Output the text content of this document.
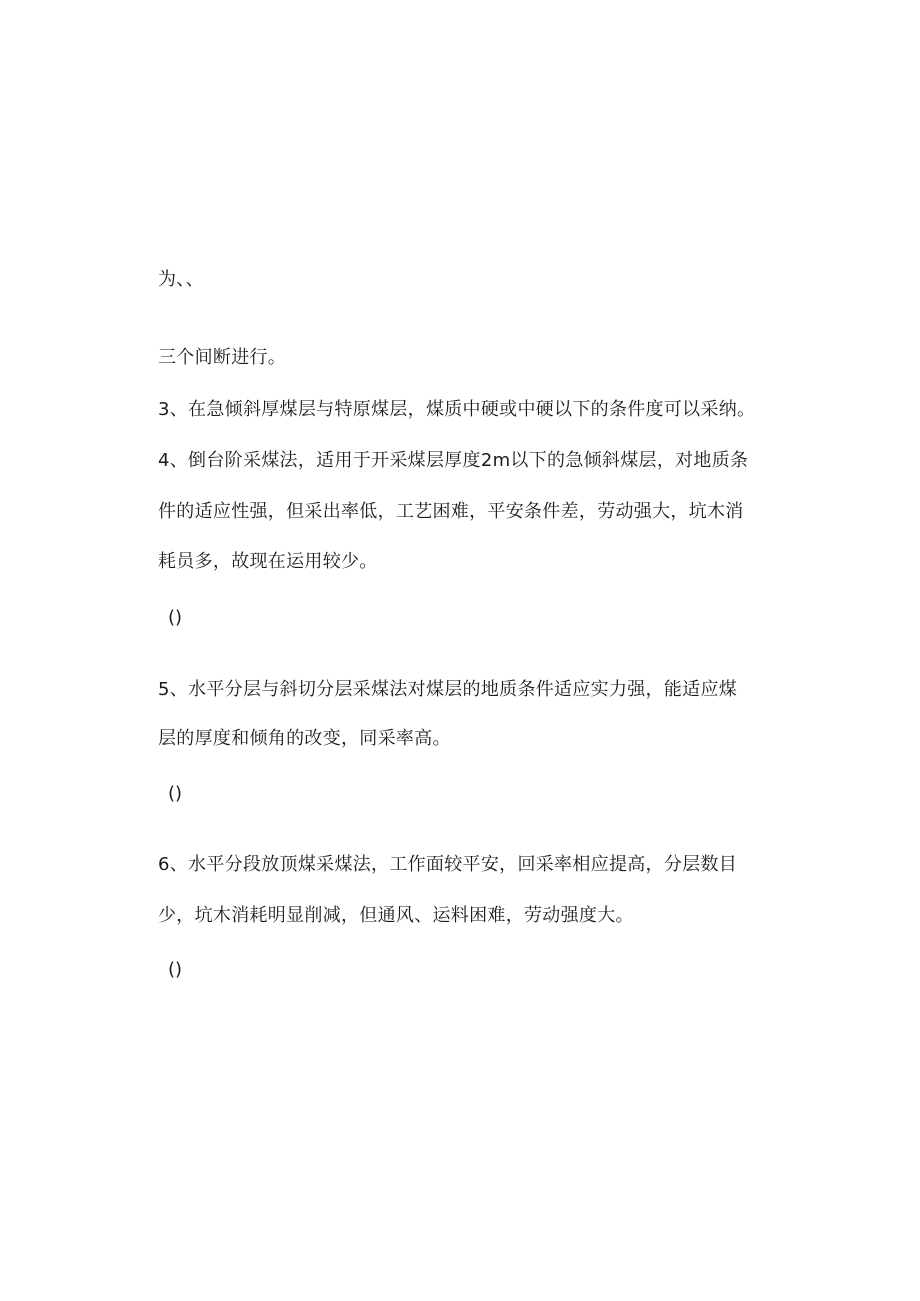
为、、
三个间断进行。
3、在急倾斜厚煤层与特原煤层，煤质中硬或中硬以下的条件度可以采纳。
4、倒台阶采煤法，适用于开采煤层厚度2m以下的急倾斜煤层，对地质条
件的适应性强，但采出率低，工艺困难，平安条件差，劳动强大，坑木消
耗员多，故现在运用较少。
()
5、水平分层与斜切分层采煤法对煤层的地质条件适应实力强，能适应煤
层的厚度和倾角的改变，同采率高。
()
6、水平分段放顶煤采煤法，工作面较平安，回采率相应提高，分层数目
少，坑木消耗明显削减，但通风、运料困难，劳动强度大。
()
